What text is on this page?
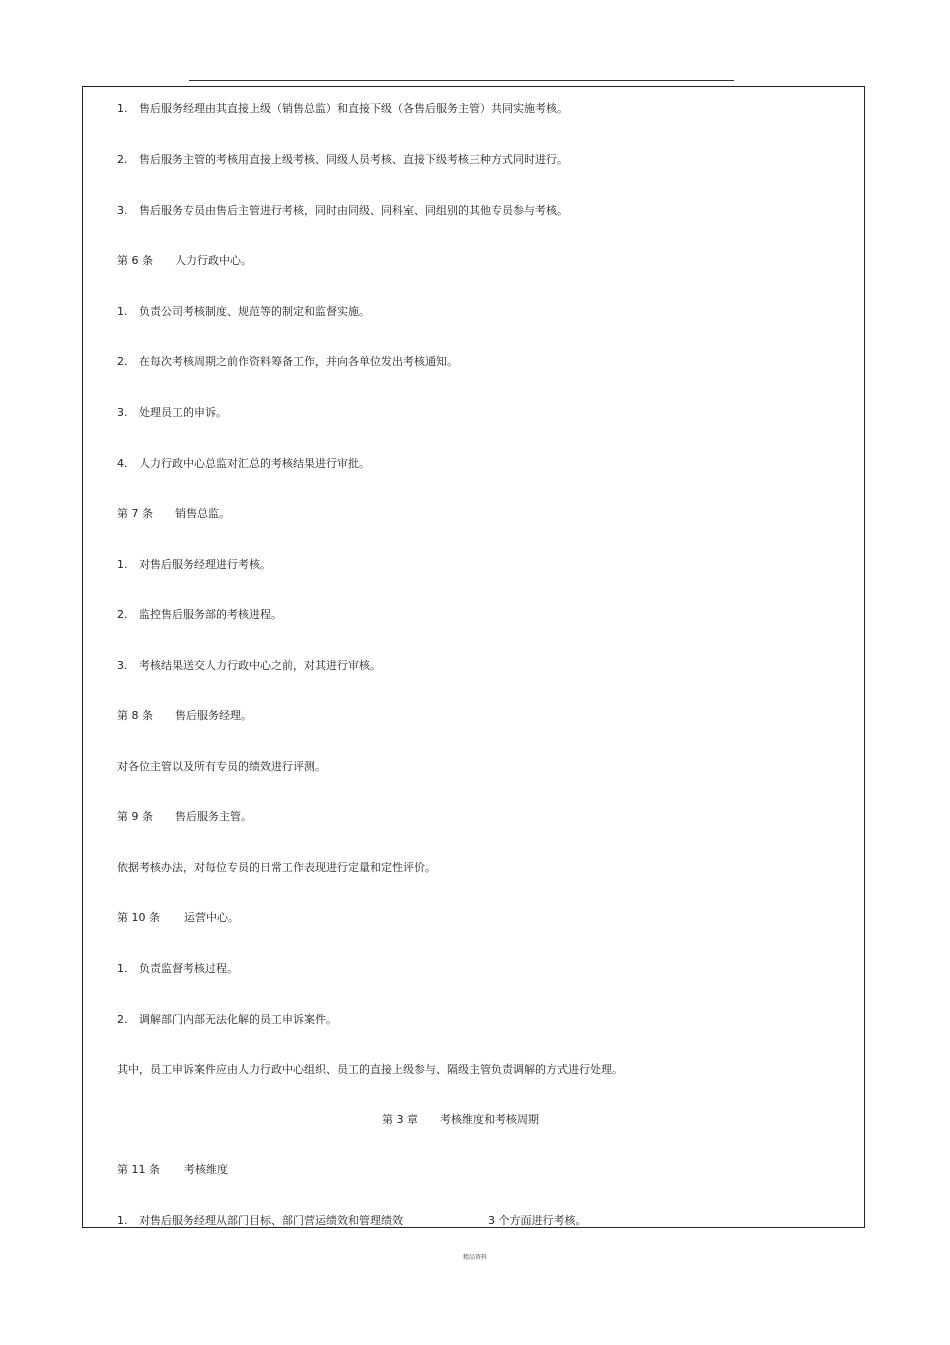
1. 售后服务经理由其直接上级（销售总监）和直接下级（各售后服务主管）共同实施考核。
2. 售后服务主管的考核用直接上级考核、同级人员考核、直接下级考核三种方式同时进行。
3. 售后服务专员由售后主管进行考核，同时由同级、同科室、同组别的其他专员参与考核。
第 6 条 人力行政中心。
1. 负责公司考核制度、规范等的制定和监督实施。
2. 在每次考核周期之前作资料筹备工作，并向各单位发出考核通知。
3. 处理员工的申诉。
4. 人力行政中心总监对汇总的考核结果进行审批。
第 7 条 销售总监。
1. 对售后服务经理进行考核。
2. 监控售后服务部的考核进程。
3. 考核结果送交人力行政中心之前，对其进行审核。
第 8 条 售后服务经理。
对各位主管以及所有专员的绩效进行评测。
第 9 条 售后服务主管。
依据考核办法，对每位专员的日常工作表现进行定量和定性评价。
第 10 条 运营中心。
1. 负责监督考核过程。
2. 调解部门内部无法化解的员工申诉案件。
其中，员工申诉案件应由人力行政中心组织、员工的直接上级参与、隔级主管负责调解的方式进行处理。
第 3 章 考核维度和考核周期
第 11 条 考核维度
1. 对售后服务经理从部门目标、部门营运绩效和管理绩效	3 个方面进行考核。
精品资料
